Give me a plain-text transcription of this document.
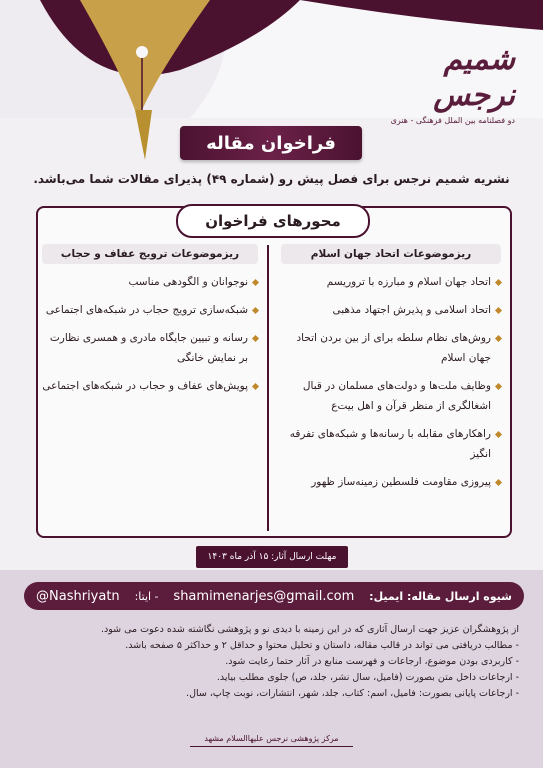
شمیم نرجس
دو فصلنامه بین الملل فرهنگی - هنری
فراخوان مقاله
نشریه شمیم نرجس برای فصل پیش رو (شماره ۴۹) پذیرای مقالات شما می‌باشد.
محورهای فراخوان
ریزموضوعات اتحاد جهان اسلام
اتحاد جهان اسلام و مبارزه با تروریسم
اتحاد اسلامی و پذیرش اجتهاد مذهبی
روش‌های نظام سلطه برای از بین بردن اتحاد جهان اسلام
وظایف ملت‌ها و دولت‌های مسلمان در قبال اشغالگری از منظر قرآن و اهل بیت‌ع
راهکارهای مقابله با رسانه‌ها و شبکه‌های تفرقه انگیز
پیروزی مقاومت فلسطین زمینه‌ساز ظهور
ریزموضوعات ترویج عفاف و حجاب
نوجوانان و الگودهی مناسب
شبکه‌سازی ترویج حجاب در شبکه‌های اجتماعی
رسانه و تبیین جایگاه مادری و همسری نظارت بر نمایش خانگی
پویش‌های عفاف و حجاب در شبکه‌های اجتماعی
مهلت ارسال آثار: ۱۵ آذر ماه ۱۴۰۳
شیوه ارسال مقاله: ایمیل:
shamimenarjes@gmail.com
- ایتا:
@Nashriyatn
از پژوهشگران عزیز جهت ارسال آثاری که در این زمینه با دیدی نو و پژوهشی نگاشته شده دعوت می شود.
- مطالب دریافتی می تواند در قالب مقاله، داستان و تحلیل محتوا و حداقل ۲ و حداکثر ۵ صفحه باشد.
- کاربردی بودن موضوع، ارجاعات و فهرست منابع در آثار حتما رعایت شود.
- ارجاعات داخل متن بصورت (فامیل، سال نشر، جلد، ص) جلوی مطلب بیاید.
- ارجاعات پایانی بصورت: فامیل، اسم: کتاب، جلد، شهر، انتشارات، نوبت چاپ، سال.
مرکز پژوهشی نرجس علیهاالسلام مشهد
